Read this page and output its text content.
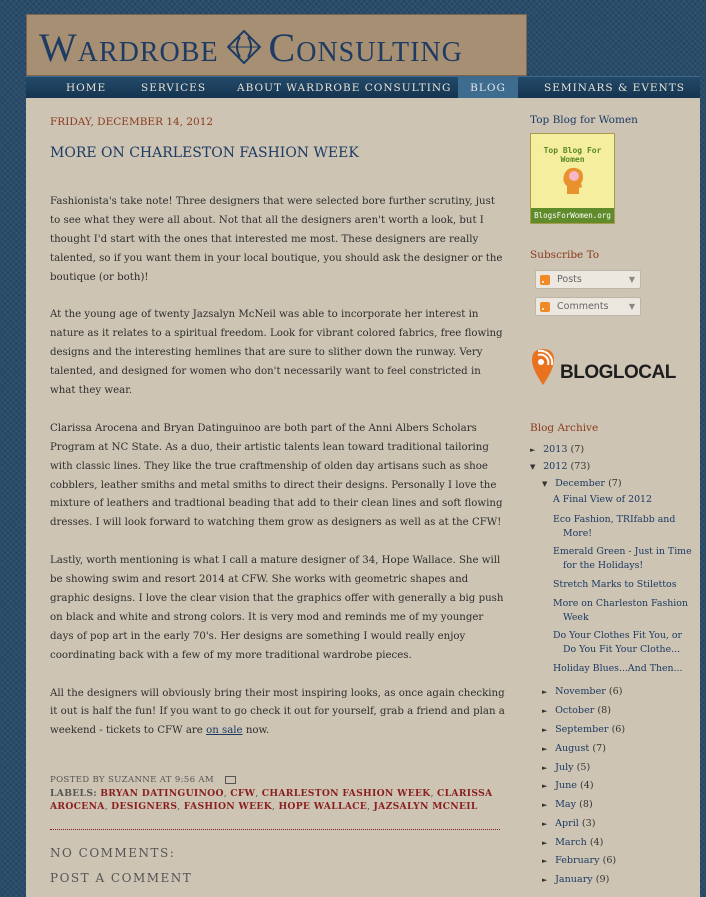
Wardrobe Consulting
HOME	SERVICES	ABOUT WARDROBE CONSULTING	BLOG	SEMINARS & EVENTS
FRIDAY, DECEMBER 14, 2012
MORE ON CHARLESTON FASHION WEEK

Fashionista's take note! Three designers that were selected bore further scrutiny, just to see what they were all about. Not that all the designers aren't worth a look, but I thought I'd start with the ones that interested me most. These designers are really talented, so if you want them in your local boutique, you should ask the designer or the boutique (or both)!

At the young age of twenty Jazsalyn McNeil was able to incorporate her interest in nature as it relates to a spiritual freedom. Look for vibrant colored fabrics, free flowing designs and the interesting hemlines that are sure to slither down the runway. Very talented, and designed for women who don't necessarily want to feel constricted in what they wear.

Clarissa Arocena and Bryan Datinguinoo are both part of the Anni Albers Scholars Program at NC State. As a duo, their artistic talents lean toward traditional tailoring with classic lines. They like the true craftmenship of olden day artisans such as shoe cobblers, leather smiths and metal smiths to direct their designs. Personally I love the mixture of leathers and tradtional beading that add to their clean lines and soft flowing dresses. I will look forward to watching them grow as designers as well as at the CFW!

Lastly, worth mentioning is what I call a mature designer of 34, Hope Wallace. She will be showing swim and resort 2014 at CFW. She works with geometric shapes and graphic designs. I love the clear vision that the graphics offer with generally a big push on black and white and strong colors. It is very mod and reminds me of my younger days of pop art in the early 70's. Her designs are something I would really enjoy coordinating back with a few of my more traditional wardrobe pieces.

All the designers will obviously bring their most inspiring looks, as once again checking it out is half the fun! If you want to go check it out for yourself, grab a friend and plan a weekend - tickets to CFW are on sale now.

POSTED BY SUZANNE AT 9:56 AM
LABELS: BRYAN DATINGUINOO, CFW, CHARLESTON FASHION WEEK, CLARISSA AROCENA, DESIGNERS, FASHION WEEK, HOPE WALLACE, JAZSALYN MCNEIL
NO COMMENTS:
POST A COMMENT
Top Blog for Women
Top Blog For Women
BlogsForWomen.org
Subscribe To
Posts	▼
Comments	▼
BLOGLOCAL
Blog Archive
► 2013 (7)
▼ 2012 (73)
▼ December (7)
A Final View of 2012
Eco Fashion, TRIfabb and More!
Emerald Green - Just in Time for the Holidays!
Stretch Marks to Stilettos
More on Charleston Fashion Week
Do Your Clothes Fit You, or Do You Fit Your Clothe...
Holiday Blues...And Then...
► November (6)
► October (8)
► September (6)
► August (7)
► July (5)
► June (4)
► May (8)
► April (3)
► March (4)
► February (6)
► January (9)
